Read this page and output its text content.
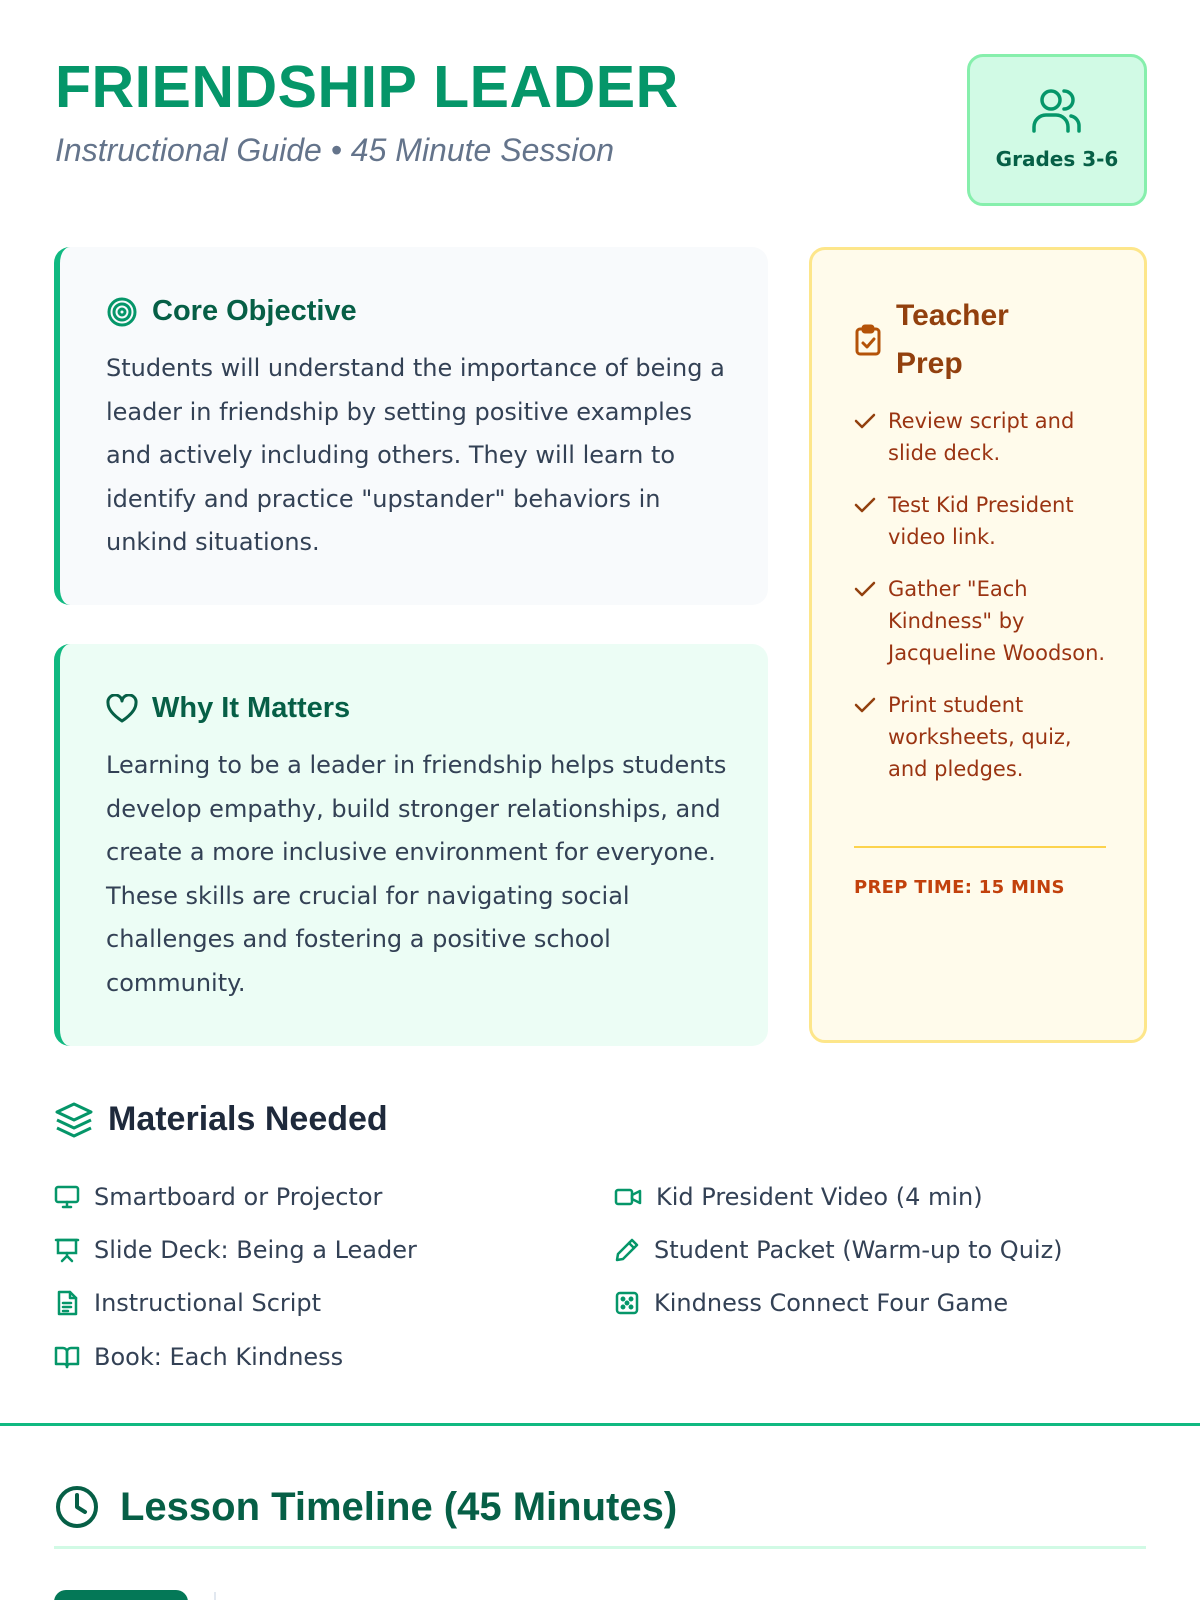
FRIENDSHIP LEADER

Instructional Guide • 45 Minute Session	Grades 3-6
Core Objective

Students will understand the importance of being a leader in friendship by setting positive examples and actively including others. They will learn to identify and practice "upstander" behaviors in unkind situations.

Why It Matters

Learning to be a leader in friendship helps students develop empathy, build stronger relationships, and create a more inclusive environment for everyone. These skills are crucial for navigating social challenges and fostering a positive school community.

Teacher Prep
Review script and slide deck.
Test Kid President video link.
Gather "Each Kindness" by Jacqueline Woodson.
Print student worksheets, quiz, and pledges.
PREP TIME: 15 MINS
Materials Needed
Smartboard or Projector
Slide Deck: Being a Leader
Instructional Script
Book: Each Kindness
Kid President Video (4 min)
Student Packet (Warm-up to Quiz)
Kindness Connect Four Game
Lesson Timeline (45 Minutes)
